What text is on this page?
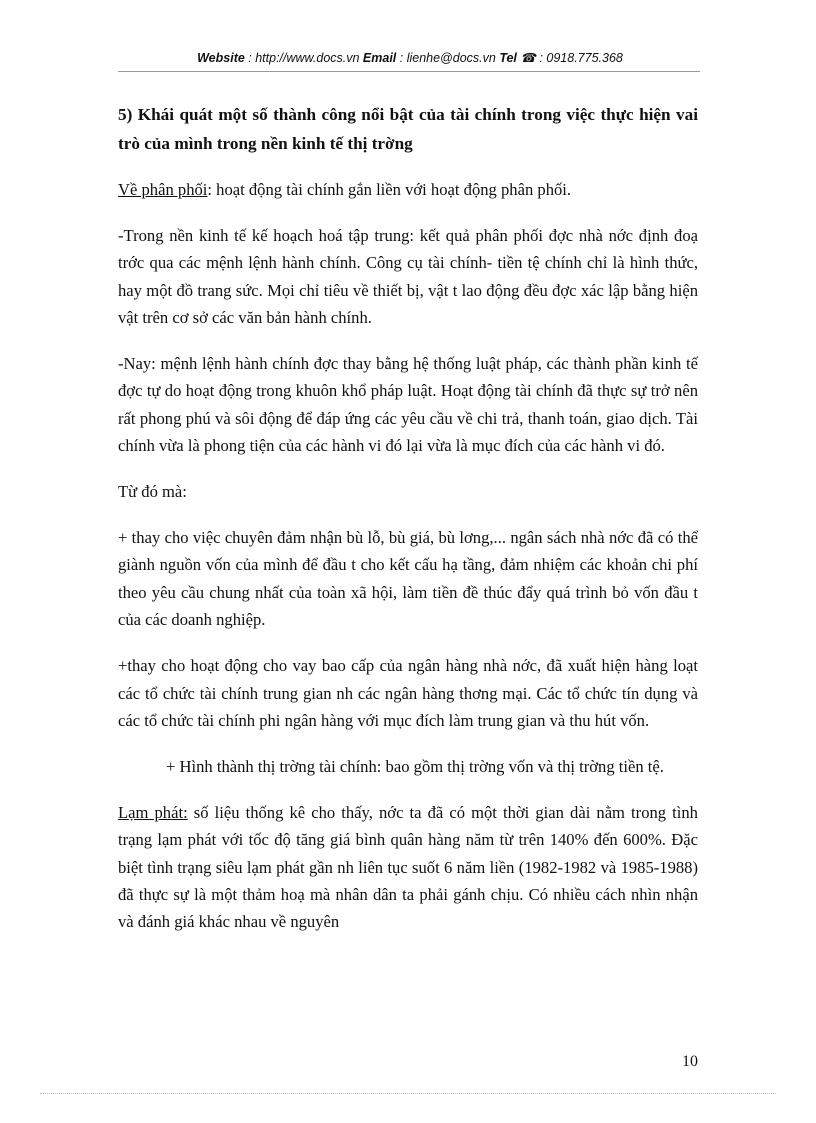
Website : http://www.docs.vn Email : lienhe@docs.vn Tel ☎ : 0918.775.368
5) Khái quát một số thành công nổi bật của tài chính trong việc thực hiện vai trò của mình trong nền kinh tế thị trờng

Về phân phối: hoạt động tài chính gắn liền với hoạt động phân phối.

-Trong nền kinh tế kế hoạch hoá tập trung: kết quả phân phối đợc nhà nớc định đoạ trớc qua các mệnh lệnh hành chính. Công cụ tài chính- tiền tệ chính chỉ là hình thức, hay một đồ trang sức. Mọi chỉ tiêu về thiết bị, vật t lao động đều đợc xác lập bằng hiện vật trên cơ sở các văn bản hành chính.

-Nay: mệnh lệnh hành chính đợc thay bằng hệ thống luật pháp, các thành phần kinh tế đợc tự do hoạt động trong khuôn khổ pháp luật. Hoạt động tài chính đã thực sự trở nên rất phong phú và sôi động để đáp ứng các yêu cầu về chi trả, thanh toán, giao dịch. Tài chính vừa là phong tiện của các hành vi đó lại vừa là mục đích của các hành vi đó.

Từ đó mà:

+ thay cho việc chuyên đảm nhận bù lỗ, bù giá, bù lơng,... ngân sách nhà nớc đã có thể giành nguồn vốn của mình để đầu t cho kết cấu hạ tầng, đảm nhiệm các khoản chi phí theo yêu cầu chung nhất của toàn xã hội, làm tiền đề thúc đẩy quá trình bỏ vốn đầu t của các doanh nghiệp.

+thay cho hoạt động cho vay bao cấp của ngân hàng nhà nớc, đã xuất hiện hàng loạt các tổ chức tài chính trung gian nh các ngân hàng thơng mại. Các tổ chức tín dụng và các tổ chức tài chính phi ngân hàng với mục đích làm trung gian và thu hút vốn.

+ Hình thành thị trờng tài chính: bao gồm thị trờng vốn và thị trờng tiền tệ.

Lạm phát: số liệu thống kê cho thấy, nớc ta đã có một thời gian dài nằm trong tình trạng lạm phát với tốc độ tăng giá bình quân hàng năm từ trên 140% đến 600%. Đặc biệt tình trạng siêu lạm phát gần nh liên tục suốt 6 năm liền (1982-1982 và 1985-1988) đã thực sự là một thảm hoạ mà nhân dân ta phải gánh chịu. Có nhiều cách nhìn nhận và đánh giá khác nhau về nguyên

10
